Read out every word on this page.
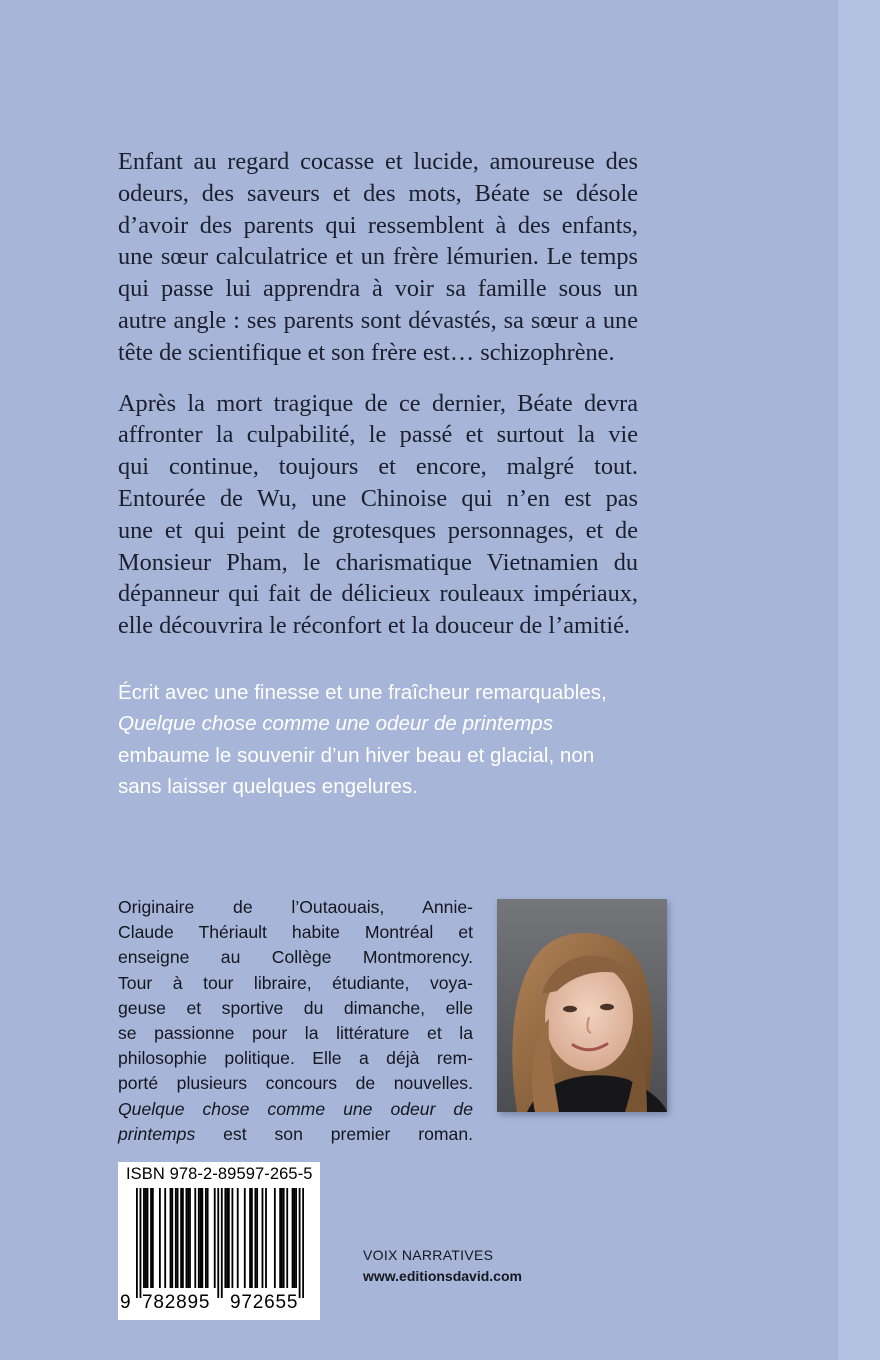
Enfant au regard cocasse et lucide, amoureuse des
odeurs, des saveurs et des mots, Béate se désole
d’avoir des parents qui ressemblent à des enfants,
une sœur calculatrice et un frère lémurien. Le temps
qui passe lui apprendra à voir sa famille sous un
autre angle : ses parents sont dévastés, sa sœur a une
tête de scientifique et son frère est… schizophrène.

Après la mort tragique de ce dernier, Béate devra
affronter la culpabilité, le passé et surtout la vie
qui continue, toujours et encore, malgré tout.
Entourée de Wu, une Chinoise qui n’en est pas
une et qui peint de grotesques personnages, et de
Monsieur Pham, le charismatique Vietnamien du
dépanneur qui fait de délicieux rouleaux impériaux,
elle découvrira le réconfort et la douceur de l’amitié.

Écrit avec une finesse et une fraîcheur remarquables,
Quelque chose comme une odeur de printemps
embaume le souvenir d’un hiver beau et glacial, non
sans laisser quelques engelures.
Originaire de l’Outaouais, Annie-
Claude Thériault habite Montréal et
enseigne au Collège Montmorency.
Tour à tour libraire, étudiante, voya-
geuse et sportive du dimanche, elle
se passionne pour la littérature et la
philosophie politique. Elle a déjà rem-
porté plusieurs concours de nouvelles.
Quelque chose comme une odeur de
printemps est son premier roman.
ISBN 978-2-89597-265-5
9 782895 972655
VOIX NARRATIVES
www.editionsdavid.com
